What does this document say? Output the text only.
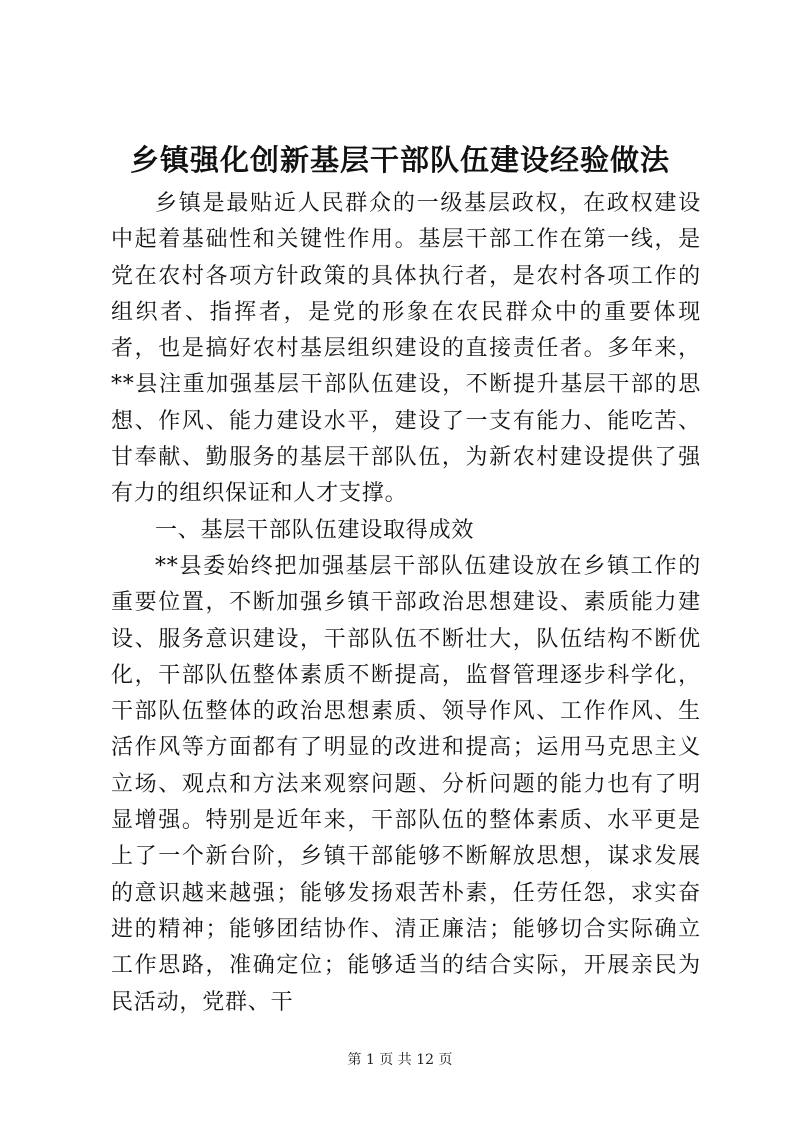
乡镇强化创新基层干部队伍建设经验做法

乡镇是最贴近人民群众的一级基层政权，在政权建设中起着基础性和关键性作用。基层干部工作在第一线，是党在农村各项方针政策的具体执行者，是农村各项工作的组织者、指挥者，是党的形象在农民群众中的重要体现者，也是搞好农村基层组织建设的直接责任者。多年来，**县注重加强基层干部队伍建设，不断提升基层干部的思想、作风、能力建设水平，建设了一支有能力、能吃苦、甘奉献、勤服务的基层干部队伍，为新农村建设提供了强有力的组织保证和人才支撑。

一、基层干部队伍建设取得成效

**县委始终把加强基层干部队伍建设放在乡镇工作的重要位置，不断加强乡镇干部政治思想建设、素质能力建设、服务意识建设，干部队伍不断壮大，队伍结构不断优化，干部队伍整体素质不断提高，监督管理逐步科学化，干部队伍整体的政治思想素质、领导作风、工作作风、生活作风等方面都有了明显的改进和提高；运用马克思主义立场、观点和方法来观察问题、分析问题的能力也有了明显增强。特别是近年来，干部队伍的整体素质、水平更是上了一个新台阶，乡镇干部能够不断解放思想，谋求发展的意识越来越强；能够发扬艰苦朴素，任劳任怨，求实奋进的精神；能够团结协作、清正廉洁；能够切合实际确立工作思路，准确定位；能够适当的结合实际，开展亲民为民活动，党群、干

第 1 页 共 12 页
